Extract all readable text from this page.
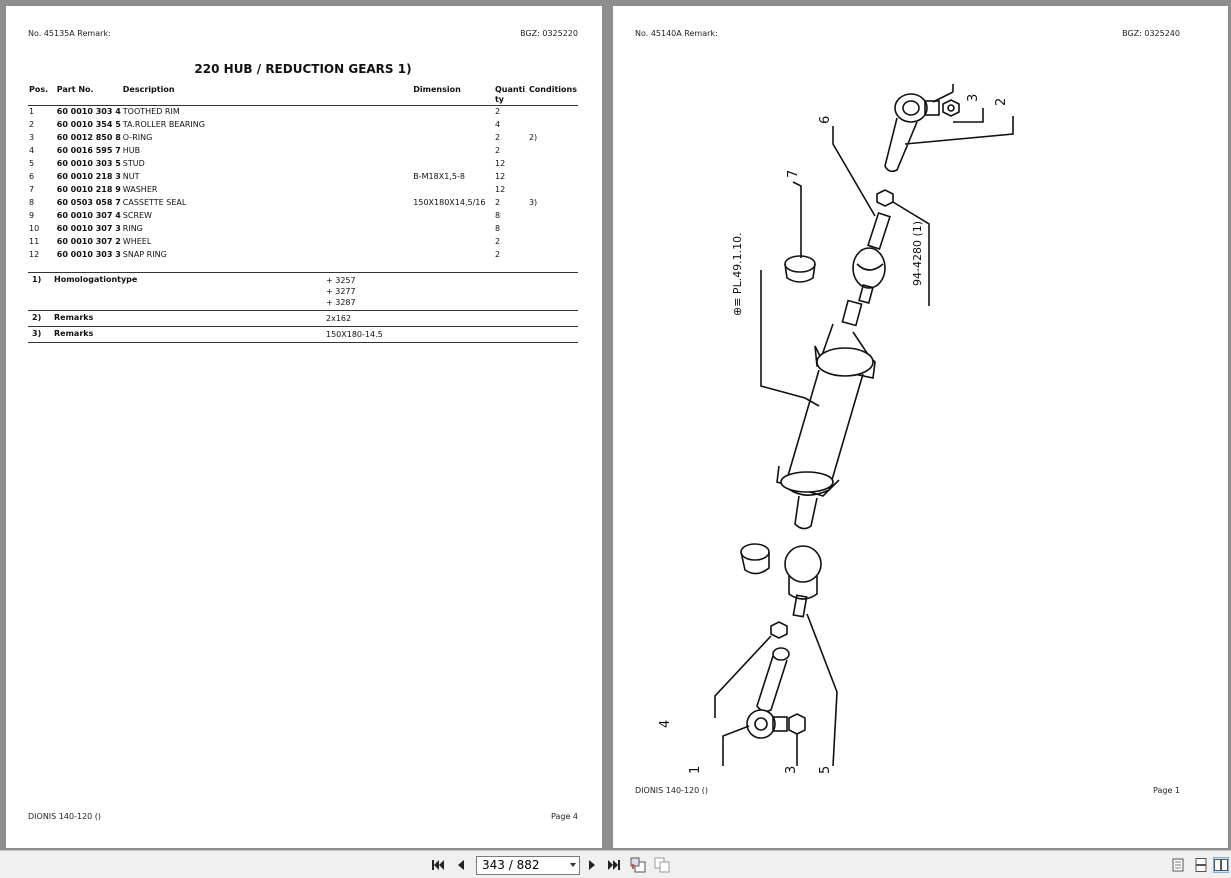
No. 45135A Remark:	BGZ: 0325220
220 HUB / REDUCTION GEARS 1)
Pos.	Part No.	Description	Dimension	Quanti ty	Conditions
1	60 0010 303 4	TOOTHED RIM		2	
2	60 0010 354 5	TA.ROLLER BEARING		4	
3	60 0012 850 8	O-RING		2	2)
4	60 0016 595 7	HUB		2	
5	60 0010 303 5	STUD		12	
6	60 0010 218 3	NUT	B-M18X1,5-8	12	
7	60 0010 218 9	WASHER		12	
8	60 0503 058 7	CASSETTE SEAL	150X180X14,5/16	2	3)
9	60 0010 307 4	SCREW		8	
10	60 0010 307 3	RING		8	
11	60 0010 307 2	WHEEL		2	
12	60 0010 303 3	SNAP RING		2	
1)	Homologationtype	+ 3257
+ 3277
+ 3287

2)	Remarks	2x162

3)	Remarks	150X180-14.5
DIONIS 140-120 ()	Page 4
No. 45140A Remark:	BGZ: 0325240
2
3
6
7
⊕≡ PL.49.1.10.	94-4280 (1)
4
1	3 5
DIONIS 140-120 ()	Page 1
343 / 882
